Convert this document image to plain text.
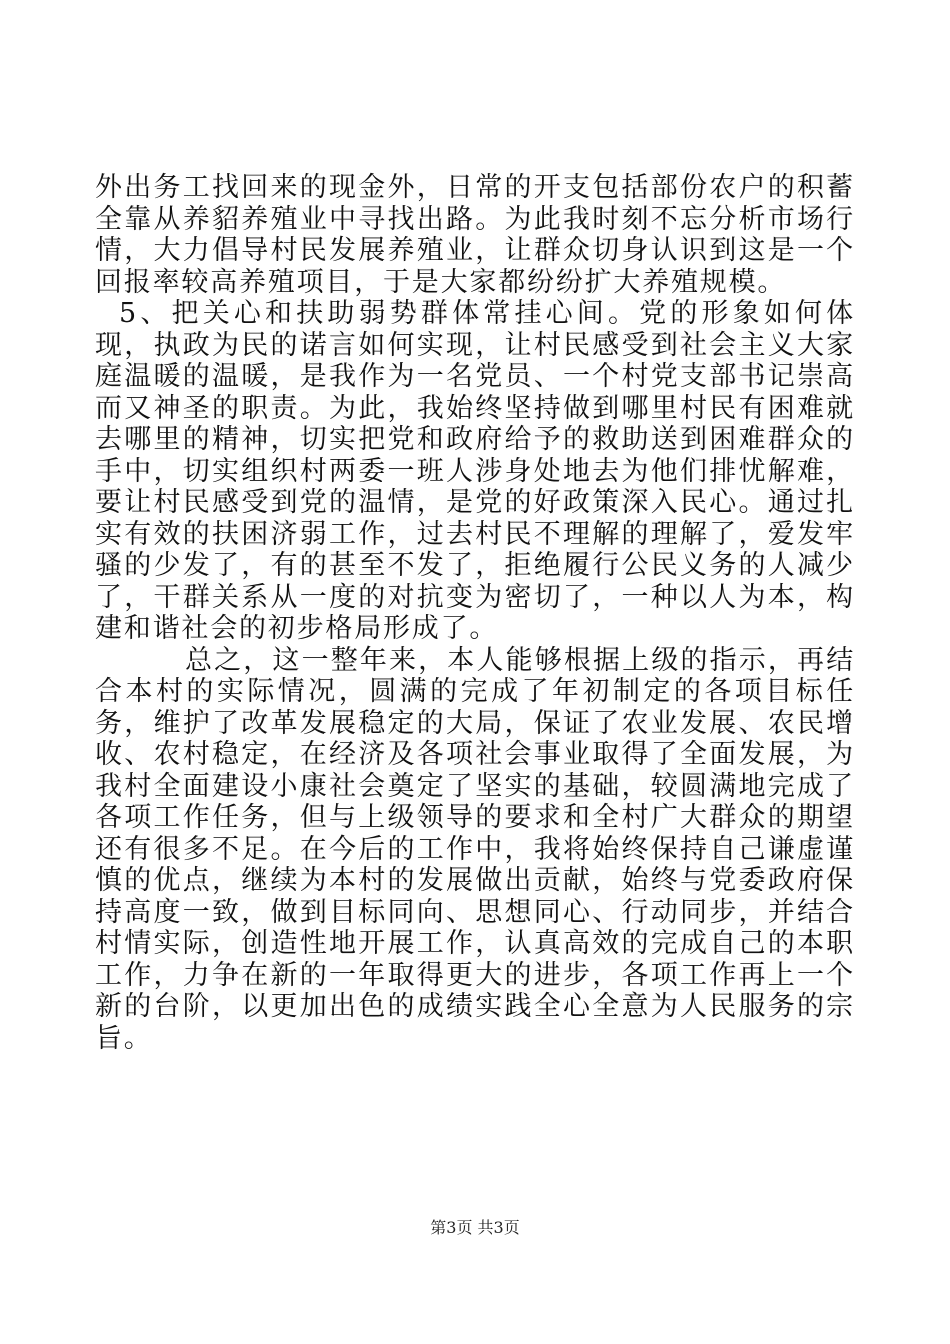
外出务工找回来的现金外，日常的开支包括部份农户的积蓄全靠从养貂养殖业中寻找出路。为此我时刻不忘分析市场行情，大力倡导村民发展养殖业，让群众切身认识到这是一个回报率较高养殖项目，于是大家都纷纷扩大养殖规模。

5、把关心和扶助弱势群体常挂心间。党的形象如何体现，执政为民的诺言如何实现，让村民感受到社会主义大家庭温暖的温暖，是我作为一名党员、一个村党支部书记崇高而又神圣的职责。为此，我始终坚持做到哪里村民有困难就去哪里的精神，切实把党和政府给予的救助送到困难群众的手中，切实组织村两委一班人涉身处地去为他们排忧解难，要让村民感受到党的温情，是党的好政策深入民心。通过扎实有效的扶困济弱工作，过去村民不理解的理解了，爱发牢骚的少发了，有的甚至不发了，拒绝履行公民义务的人减少了，干群关系从一度的对抗变为密切了，一种以人为本，构建和谐社会的初步格局形成了。

总之，这一整年来，本人能够根据上级的指示，再结合本村的实际情况，圆满的完成了年初制定的各项目标任务，维护了改革发展稳定的大局，保证了农业发展、农民增收、农村稳定，在经济及各项社会事业取得了全面发展，为我村全面建设小康社会奠定了坚实的基础，较圆满地完成了各项工作任务，但与上级领导的要求和全村广大群众的期望还有很多不足。在今后的工作中，我将始终保持自己谦虚谨慎的优点，继续为本村的发展做出贡献，始终与党委政府保持高度一致，做到目标同向、思想同心、行动同步，并结合村情实际，创造性地开展工作，认真高效的完成自己的本职工作，力争在新的一年取得更大的进步，各项工作再上一个新的台阶，以更加出色的成绩实践全心全意为人民服务的宗旨。

第3页 共3页
